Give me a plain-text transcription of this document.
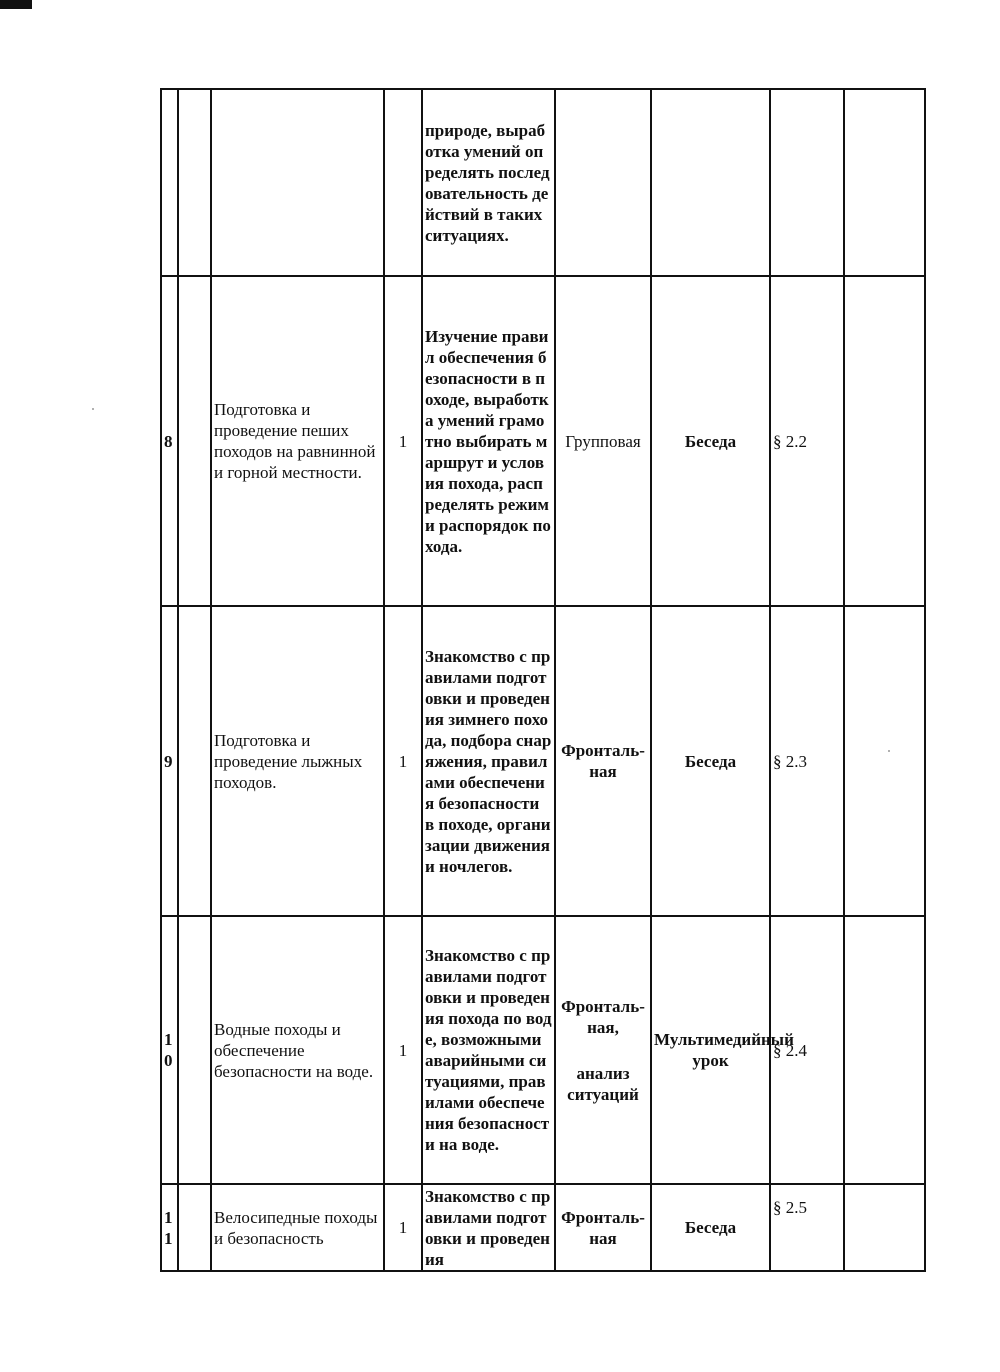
				природе, выработка умений определять последовательность действий в таких ситуациях.				
8		Подготовка и проведение пеших походов на равнинной и горной местности.	1	Изучение правил обеспечения безопасности в походе, выработка умений грамотно выбирать маршрут и условия похода, распределять режим и распорядок похода.	Групповая	Беседа	§ 2.2	
9		Подготовка и проведение лыжных походов.	1	Знакомство с правилами подготовки и проведения зимнего похода, подбора снаряжения, правилами обеспечения безопасности в походе, организации движения и ночлегов.	Фронталь-ная	Беседа	§ 2.3	
10		Водные походы и обеспечение безопасности на воде.	1	Знакомство с правилами подготовки и проведения похода по воде, возможными аварийными ситуациями, правилами обеспечения безопасности на воде.	Фронталь-ная,  анализ ситуаций	Мультимедийный урок	§ 2.4	
11		Велосипедные походы и безопасность	1	Знакомство с правилами подготовки и проведения	Фронталь-ная	Беседа	§ 2.5	
